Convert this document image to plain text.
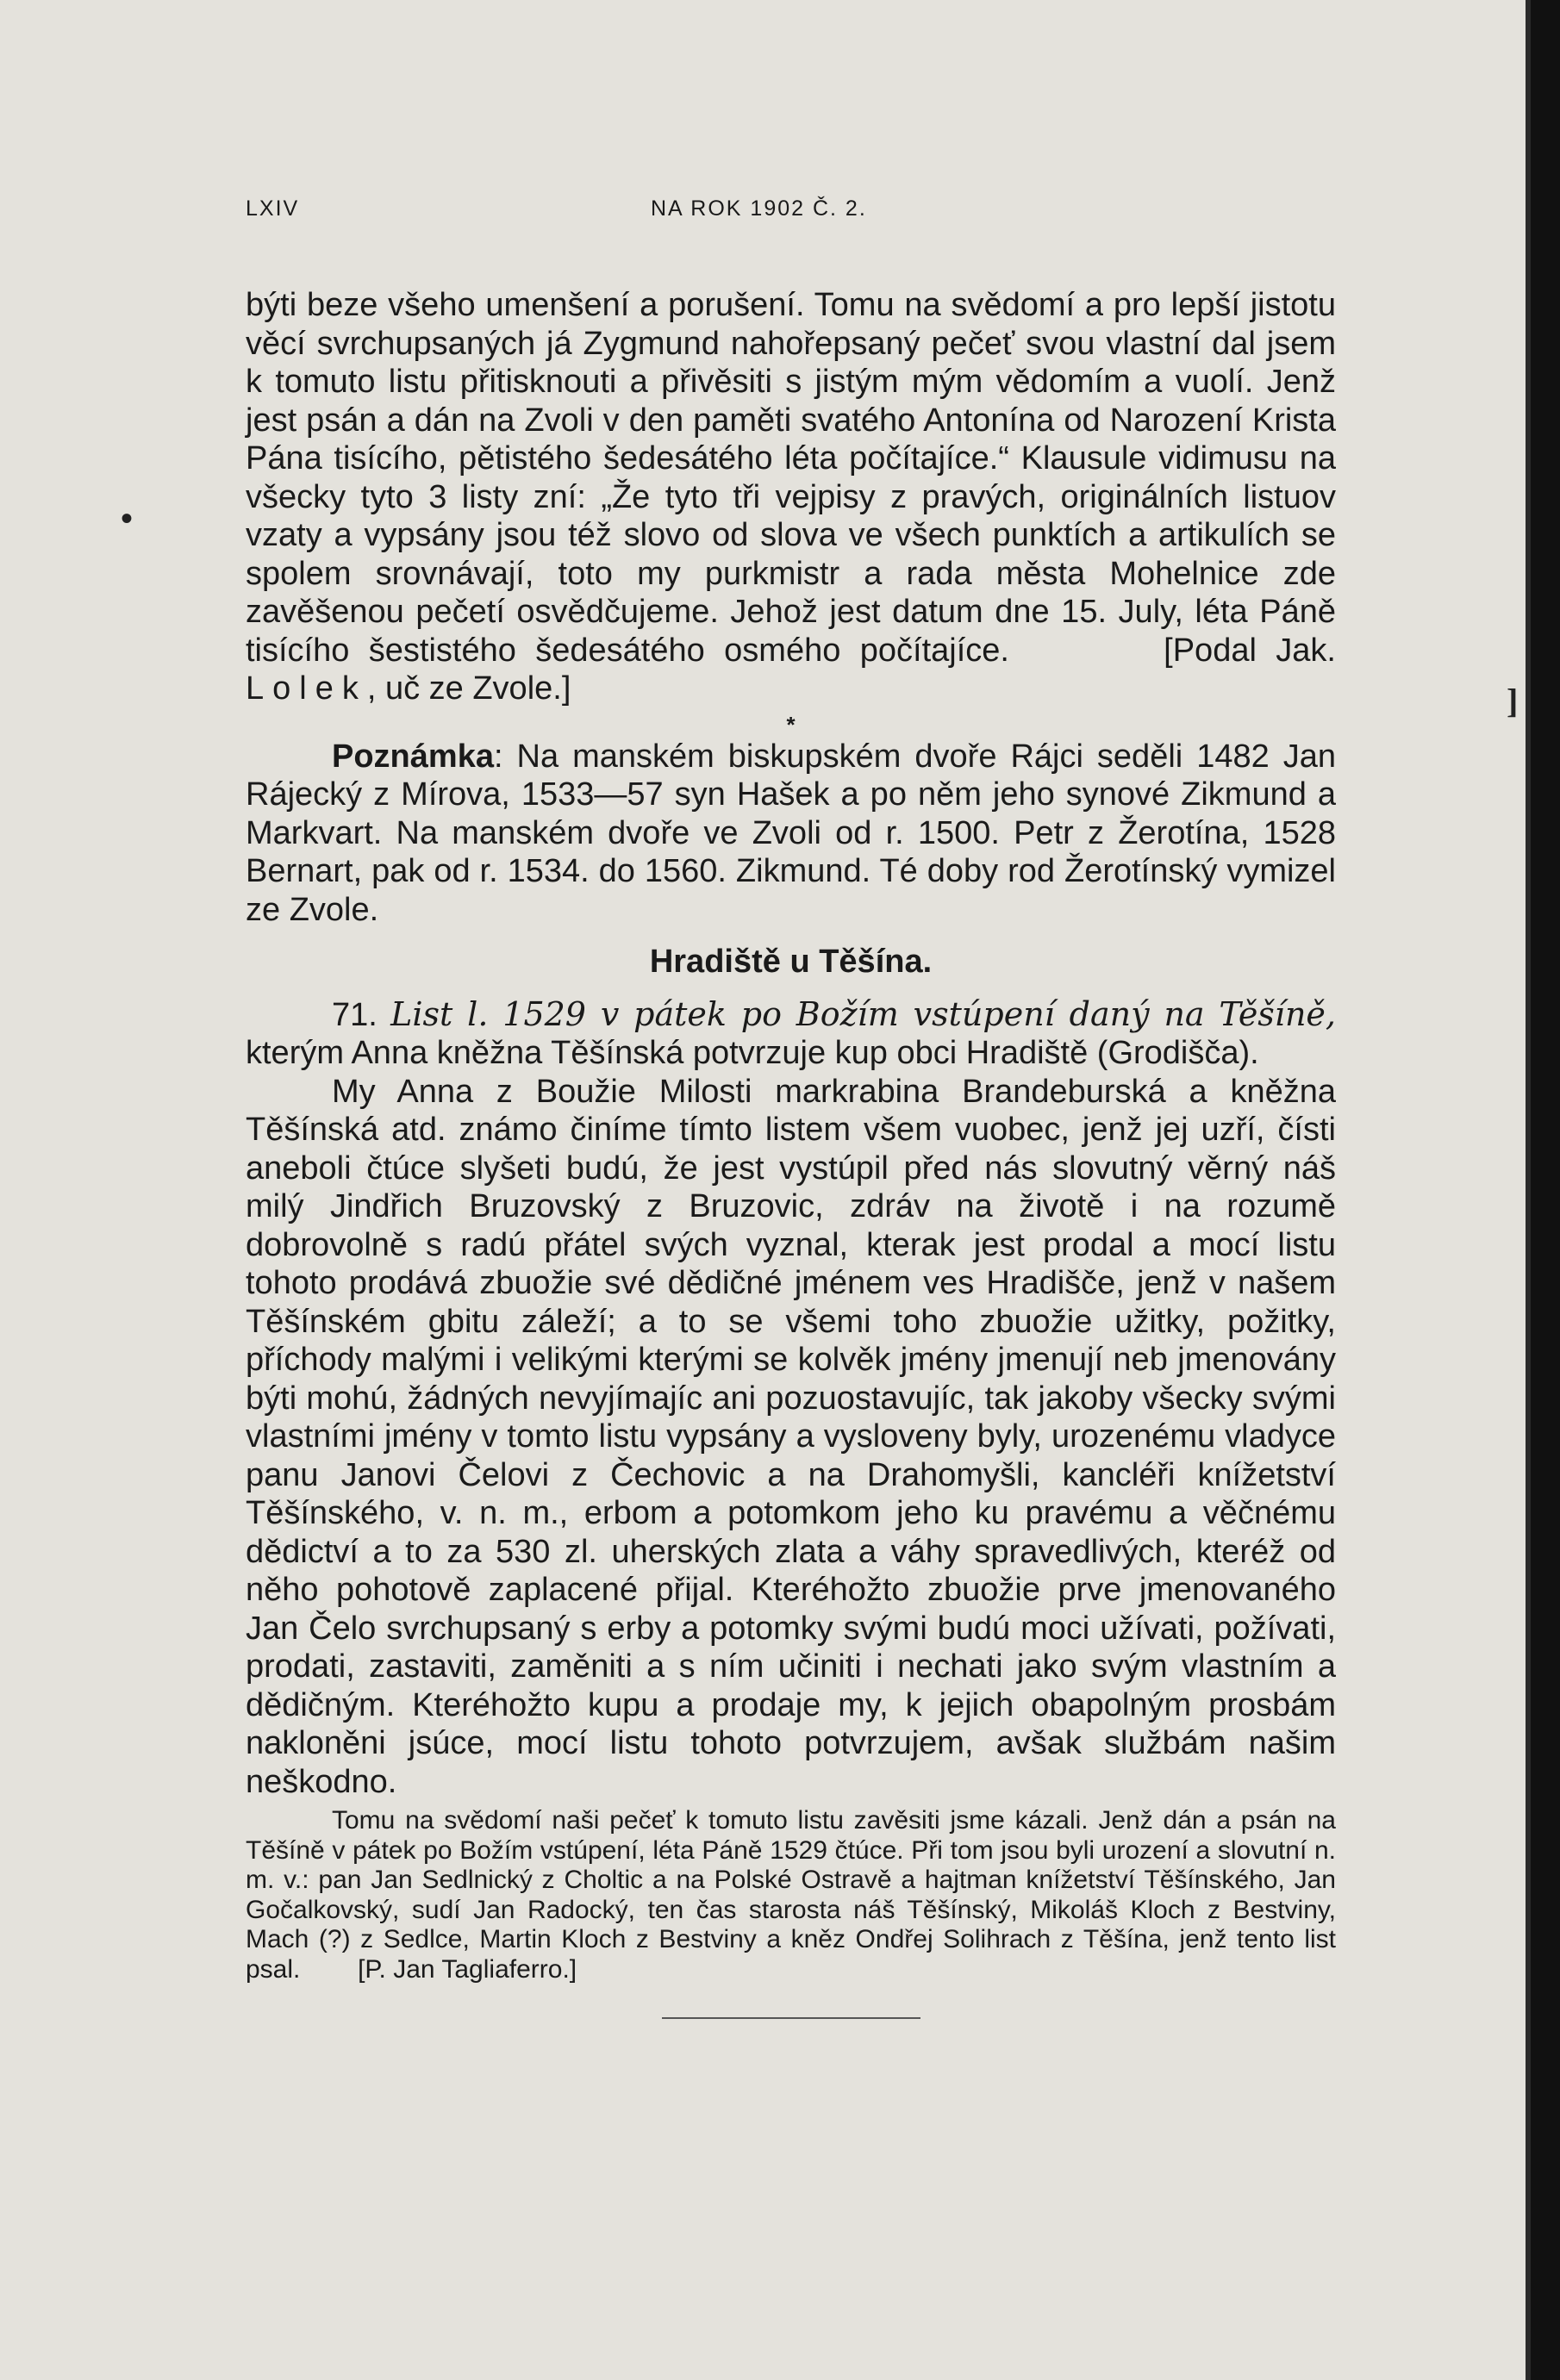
•
]
LXIV	NA ROK 1902 Č. 2.

býti beze všeho umenšení a porušení. Tomu na svědomí a pro lepší jistotu věcí svrchupsaných já Zygmund nahořepsaný pečeť svou vlastní dal jsem k tomuto listu přitisknouti a přivěsiti s jistým mým vědomím a vuolí. Jenž jest psán a dán na Zvoli v den paměti svatého Antonína od Narození Krista Pána tisícího, pětistého šedesátého léta počítajíce.“ Klausule vidimusu na všecky tyto 3 listy zní: „Že tyto tři vejpisy z pravých, originálních listuov vzaty a vypsány jsou též slovo od slova ve všech punktích a artikulích se spolem srovnávají, toto my purkmistr a rada města Mohelnice zde zavěšenou pečetí osvědčujeme. Jehož jest datum dne 15. July, léta Páně tisícího šestistého šedesátého osmého počítajíce.	[Podal Jak. Lolek, uč ze Zvole.]

*

Poznámka: Na manském biskupském dvoře Rájci seděli 1482 Jan Rájecký z Mírova, 1533—57 syn Hašek a po něm jeho synové Zikmund a Markvart. Na manském dvoře ve Zvoli od r. 1500. Petr z Žerotína, 1528 Bernart, pak od r. 1534. do 1560. Zikmund. Té doby rod Žerotínský vymizel ze Zvole.

Hradiště u Těšína.

71. List l. 1529 v pátek po Božím vstúpení daný na Těšíně, kterým Anna kněžna Těšínská potvrzuje kup obci Hradiště (Grodišča).

My Anna z Boužie Milosti markrabina Brandeburská a kněžna Těšínská atd. známo činíme tímto listem všem vuobec, jenž jej uzří, čísti aneboli čtúce slyšeti budú, že jest vystúpil před nás slovutný věrný náš milý Jindřich Bruzovský z Bruzovic, zdráv na životě i na rozumě dobrovolně s radú přátel svých vyznal, kterak jest prodal a mocí listu tohoto prodává zbuožie své dědičné jménem ves Hradišče, jenž v našem Těšínském gbitu záleží; a to se všemi toho zbuožie užitky, požitky, příchody malými i velikými kterými se kolvěk jmény jmenují neb jmenovány býti mohú, žádných nevyjímajíc ani pozuostavujíc, tak jakoby všecky svými vlastními jmény v tomto listu vypsány a vysloveny byly, urozenému vladyce panu Janovi Čelovi z Čechovic a na Drahomyšli, kancléři knížetství Těšínského, v. n. m., erbom a potomkom jeho ku pravému a věčnému dědictví a to za 530 zl. uherských zlata a váhy spravedlivých, kteréž od něho pohotově zaplacené přijal. Kteréhožto zbuožie prve jmenovaného Jan Čelo svrchupsaný s erby a potomky svými budú moci užívati, požívati, prodati, zastaviti, zaměniti a s ním učiniti i nechati jako svým vlastním a dědičným. Kteréhožto kupu a prodaje my, k jejich obapolným prosbám nakloněni jsúce, mocí listu tohoto potvrzujem, avšak službám našim neškodno.

Tomu na svědomí naši pečeť k tomuto listu zavěsiti jsme kázali. Jenž dán a psán na Těšíně v pátek po Božím vstúpení, léta Páně 1529 čtúce. Při tom jsou byli urození a slovutní n. m. v.: pan Jan Sedlnický z Choltic a na Polské Ostravě a hajtman knížetství Těšínského, Jan Gočalkovský, sudí Jan Radocký, ten čas starosta náš Těšínský, Mikoláš Kloch z Bestviny, Mach (?) z Sedlce, Martin Kloch z Bestviny a kněz Ondřej Solihrach z Těšína, jenž tento list psal. [P. Jan Tagliaferro.]
